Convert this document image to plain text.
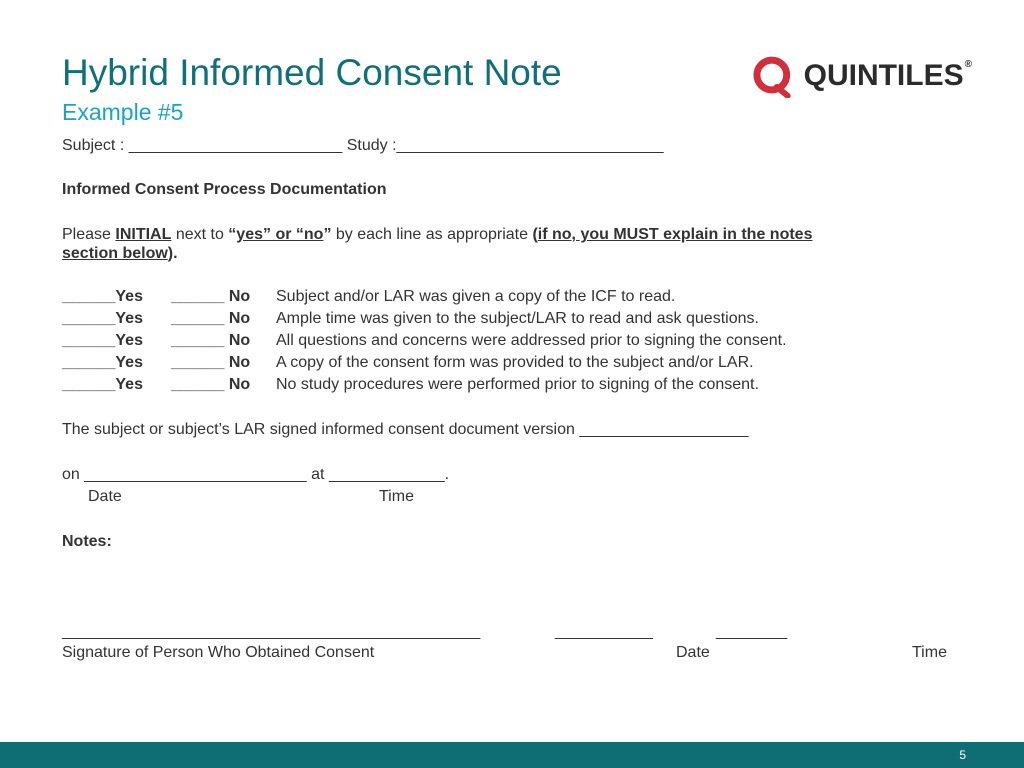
Hybrid Informed Consent Note
Example #5
QUINTILES®
Subject : ________________________ Study :______________________________
Informed Consent Process Documentation
Please INITIAL next to “yes” or “no” by each line as appropriate (if no, you MUST explain in the notes
section below).
______Yes ______ No Subject and/or LAR was given a copy of the ICF to read.
______Yes ______ No Ample time was given to the subject/LAR to read and ask questions.
______Yes ______ No All questions and concerns were addressed prior to signing the consent.
______Yes ______ No A copy of the consent form was provided to the subject and/or LAR.
______Yes ______ No No study procedures were performed prior to signing of the consent.
The subject or subject’s LAR signed informed consent document version ___________________
on _________________________ at _____________.
Date	Time
Notes:
_______________________________________________	___________	________
Signature of Person Who Obtained Consent	Date	Time
5
